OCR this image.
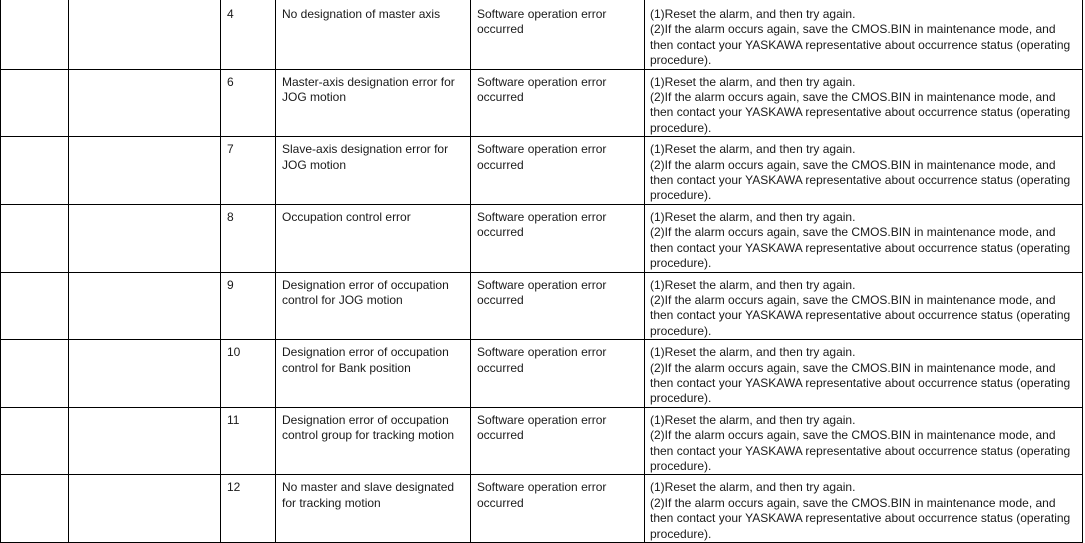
		4	No designation of master axis	Software operation error occurred	(1)Reset the alarm, and then try again.
(2)If the alarm occurs again, save the CMOS.BIN in maintenance mode, and then contact your YASKAWA representative about occurrence status (operating procedure).

		6	Master-axis designation error for JOG motion	Software operation error occurred	(1)Reset the alarm, and then try again.
(2)If the alarm occurs again, save the CMOS.BIN in maintenance mode, and then contact your YASKAWA representative about occurrence status (operating procedure).

		7	Slave-axis designation error for JOG motion	Software operation error occurred	(1)Reset the alarm, and then try again.
(2)If the alarm occurs again, save the CMOS.BIN in maintenance mode, and then contact your YASKAWA representative about occurrence status (operating procedure).

		8	Occupation control error	Software operation error occurred	(1)Reset the alarm, and then try again.
(2)If the alarm occurs again, save the CMOS.BIN in maintenance mode, and then contact your YASKAWA representative about occurrence status (operating procedure).

		9	Designation error of occupation control for JOG motion	Software operation error occurred	(1)Reset the alarm, and then try again.
(2)If the alarm occurs again, save the CMOS.BIN in maintenance mode, and then contact your YASKAWA representative about occurrence status (operating procedure).

		10	Designation error of occupation control for Bank position	Software operation error occurred	(1)Reset the alarm, and then try again.
(2)If the alarm occurs again, save the CMOS.BIN in maintenance mode, and then contact your YASKAWA representative about occurrence status (operating procedure).

		11	Designation error of occupation control group for tracking motion	Software operation error occurred	(1)Reset the alarm, and then try again.
(2)If the alarm occurs again, save the CMOS.BIN in maintenance mode, and then contact your YASKAWA representative about occurrence status (operating procedure).

		12	No master and slave designated for tracking motion	Software operation error occurred	(1)Reset the alarm, and then try again.
(2)If the alarm occurs again, save the CMOS.BIN in maintenance mode, and then contact your YASKAWA representative about occurrence status (operating procedure).
